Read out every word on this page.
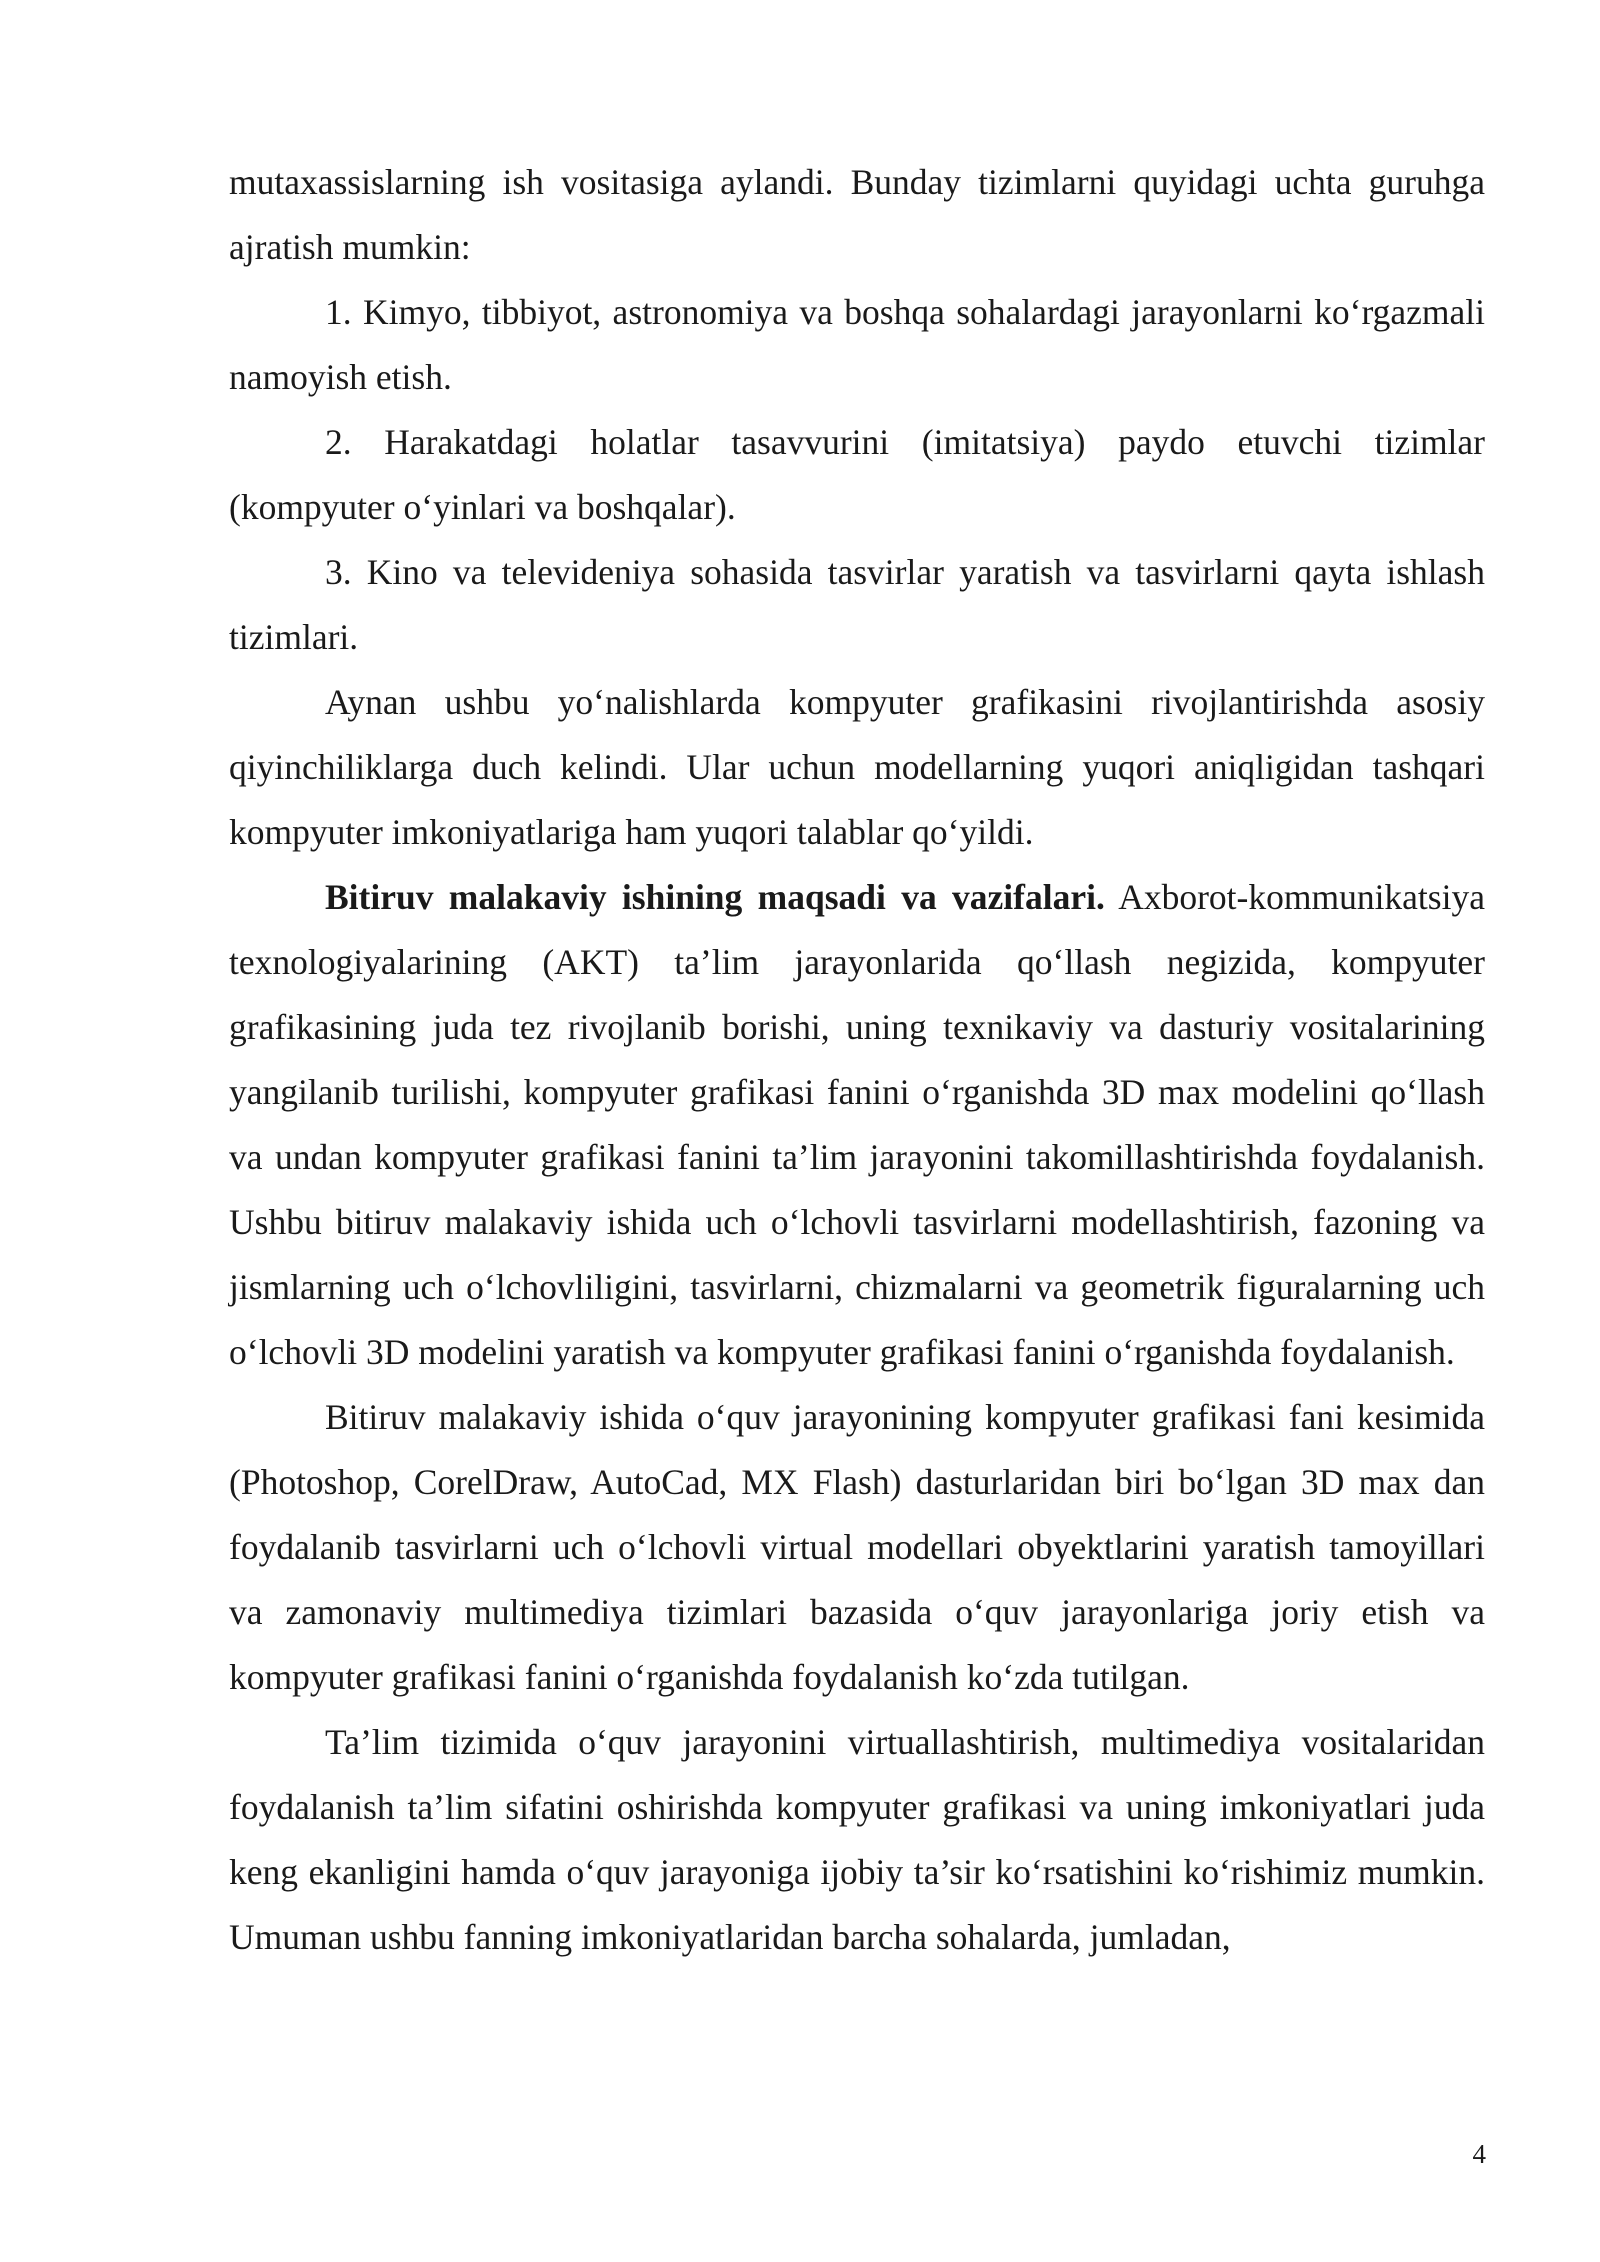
mutaxassislarning ish vositasiga aylandi. Bunday tizimlarni quyidagi uchta guruhga ajratish mumkin:

1. Kimyo, tibbiyot, astronomiya va boshqa sohalardagi jarayonlarni ko‘rgazmali namoyish etish.

2. Harakatdagi holatlar tasavvurini (imitatsiya) paydo etuvchi tizimlar (kompyuter o‘yinlari va boshqalar).

3. Kino va televideniya sohasida tasvirlar yaratish va tasvirlarni qayta ishlash tizimlari.

Aynan ushbu yo‘nalishlarda kompyuter grafikasini rivojlantirishda asosiy qiyinchiliklarga duch kelindi. Ular uchun modellarning yuqori aniqligidan tashqari kompyuter imkoniyatlariga ham yuqori talablar qo‘yildi.

Bitiruv malakaviy ishining maqsadi va vazifalari. Axborot-kommunikatsiya texnologiyalarining (AKT) ta’lim jarayonlarida qo‘llash negizida, kompyuter grafikasining juda tez rivojlanib borishi, uning texnikaviy va dasturiy vositalarining yangilanib turilishi, kompyuter grafikasi fanini o‘rganishda 3D max modelini qo‘llash va undan kompyuter grafikasi fanini ta’lim jarayonini takomillashtirishda foydalanish. Ushbu bitiruv malakaviy ishida uch o‘lchovli tasvirlarni modellashtirish, fazoning va jismlarning uch o‘lchovliligini, tasvirlarni, chizmalarni va geometrik figuralarning uch o‘lchovli 3D modelini yaratish va kompyuter grafikasi fanini o‘rganishda foydalanish.

Bitiruv malakaviy ishida o‘quv jarayonining kompyuter grafikasi fani kesimida (Photoshop, CorelDraw, AutoCad, MX Flash) dasturlaridan biri bo‘lgan 3D max dan foydalanib tasvirlarni uch o‘lchovli virtual modellari obyektlarini yaratish tamoyillari va zamonaviy multimediya tizimlari bazasida o‘quv jarayonlariga joriy etish va kompyuter grafikasi fanini o‘rganishda foydalanish ko‘zda tutilgan.

Ta’lim tizimida o‘quv jarayonini virtuallashtirish, multimediya vositalaridan foydalanish ta’lim sifatini oshirishda kompyuter grafikasi va uning imkoniyatlari juda keng ekanligini hamda o‘quv jarayoniga ijobiy ta’sir ko‘rsatishini ko‘rishimiz mumkin. Umuman ushbu fanning imkoniyatlaridan barcha sohalarda, jumladan,

4
